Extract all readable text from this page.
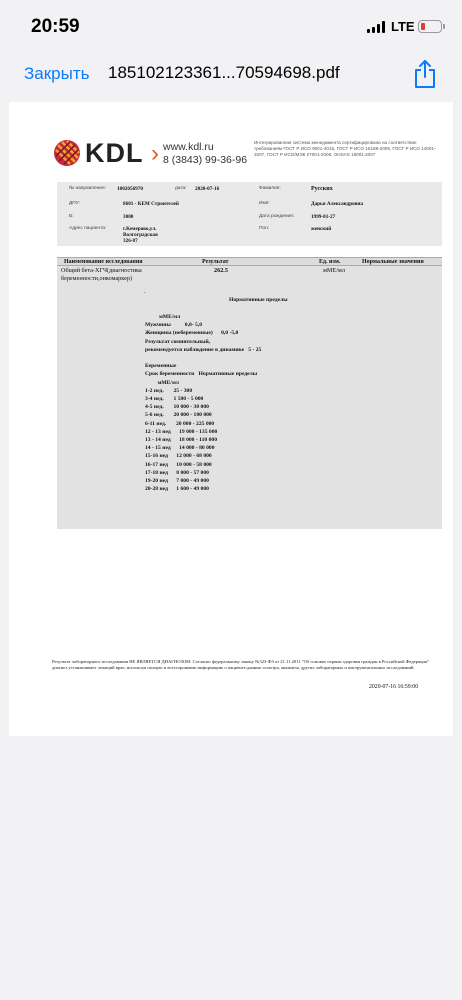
20:59	LTE
Закрыть 185102123361...70594698.pdf
KDL › www.kdl.ru
8 (3843) 99-36-96
Интегрированная система менеджмента сертифицирована на соответствие требованиям ГОСТ Р ИСО 9001-2015, ГОСТ Р ИСО 15189-2009, ГОСТ Р ИСО 14001-2007, ГОСТ Р ИСО/МЭК 27001-2006, OHSAS 18001:2007
№ направления: 1002056970	дата: 2020-07-16	Фамилия:	Русских
ДПУ:	8601 - КЕМ Строителей	Имя:	Дарья Александровна
В:	3000	Дата рождения:	1999-01-27
Адрес пациента:	г.Кемерово,ул.
Волгоградская
326-87
Пол:	женский
Наименование исследования	Результат	Ед. изм.	Нормальные значения
Общий бета-ХГЧ(диагностика
беременности,онкомаркер)
262.5	мМЕ/мл
.
Нормативные пределы
мМЕ/мл
Мужчины          0,0- 5,0
Женщины (небеременные)      0,0 -5,0
Результат сомнительный,
рекомендуется наблюдение в динамике   5 - 25
Беременные
Срок беременности   Нормативные пределы
мМЕ/мл
1-2 нед.       25 - 300
3-4 нед.       1 500 - 5 000
4-5 нед.       10 000 - 30 000
5-6 нед.       20 000 - 100 000
6-11 нед.       20 000 - 225 000
12 - 13 нед      19 000 - 135 000
13 - 14 нед      18 000 - 110 000
14 - 15 нед      14 000 - 80 000
15-16 нед      12 000 - 68 000
16-17 нед      10 000 - 58 000
17-18 нед      8 000 - 57 000
19-20 нед      7 000 - 49 000
20-28 нед      1 600 - 49 000
Результат лабораторного исследования НЕ ЯВЛЯЕТСЯ ДИАГНОЗОМ. Согласно федеральному закону №323-ФЗ от 21.11.2011 "Об основах охраны здоровья граждан в Российской Федерации" диагноз устанавливает лечащий врач, используя полную и всестороннюю информацию о пациенте:данные осмотра, анамнеза, других лабораторных и инструментальных исследований.
2020-07-16 16:59:00
